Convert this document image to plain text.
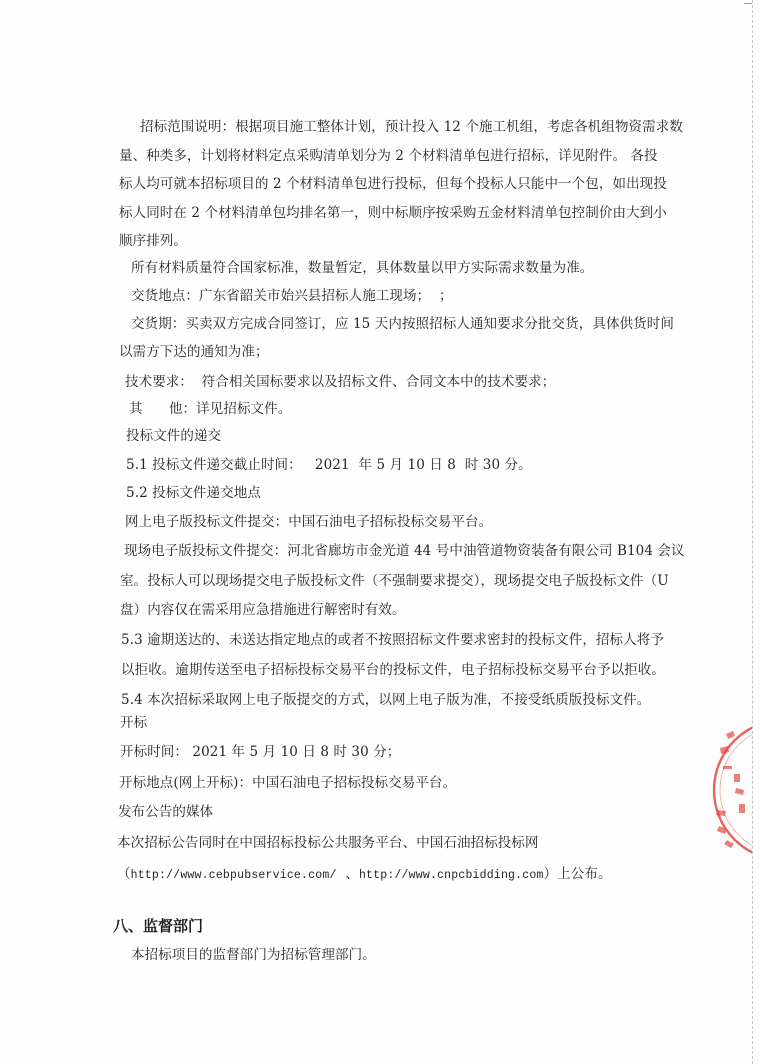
招标范围说明：根据项目施工整体计划，预计投入 12 个施工机组，考虑各机组物资需求数
量、种类多，计划将材料定点采购清单划分为 2 个材料清单包进行招标，详见附件。 各投
标人均可就本招标项目的 2 个材料清单包进行投标，但每个投标人只能中一个包，如出现投
标人同时在 2 个材料清单包均排名第一，则中标顺序按采购五金材料清单包控制价由大到小
顺序排列。
所有材料质量符合国家标准，数量暂定，具体数量以甲方实际需求数量为准。
交货地点：广东省韶关市始兴县招标人施工现场；  ；
交货期：买卖双方完成合同签订，应 15 天内按照招标人通知要求分批交货，具体供货时间
以需方下达的通知为准；
技术要求：  符合相关国标要求以及招标文件、合同文本中的技术要求；
其      他：详见招标文件。
投标文件的递交
5.1 投标文件递交截止时间：   2021  年 5 月 10 日 8  时 30 分。
5.2 投标文件递交地点
网上电子版投标文件提交：中国石油电子招标投标交易平台。
现场电子版投标文件提交：河北省廊坊市金光道 44 号中油管道物资装备有限公司 B104 会议
室。投标人可以现场提交电子版投标文件（不强制要求提交），现场提交电子版投标文件（U
盘）内容仅在需采用应急措施进行解密时有效。
5.3 逾期送达的、未送达指定地点的或者不按照招标文件要求密封的投标文件，招标人将予
以拒收。逾期传送至电子招标投标交易平台的投标文件，电子招标投标交易平台予以拒收。
5.4 本次招标采取网上电子版提交的方式，以网上电子版为准，不接受纸质版投标文件。
开标
开标时间： 2021 年 5 月 10 日 8 时 30 分；
开标地点(网上开标)：中国石油电子招标投标交易平台。
发布公告的媒体
本次招标公告同时在中国招标投标公共服务平台、中国石油招标投标网
（http://www.cebpubservice.com/  、http://www.cnpcbidding.com）上公布。
八、监督部门
本招标项目的监督部门为招标管理部门。
